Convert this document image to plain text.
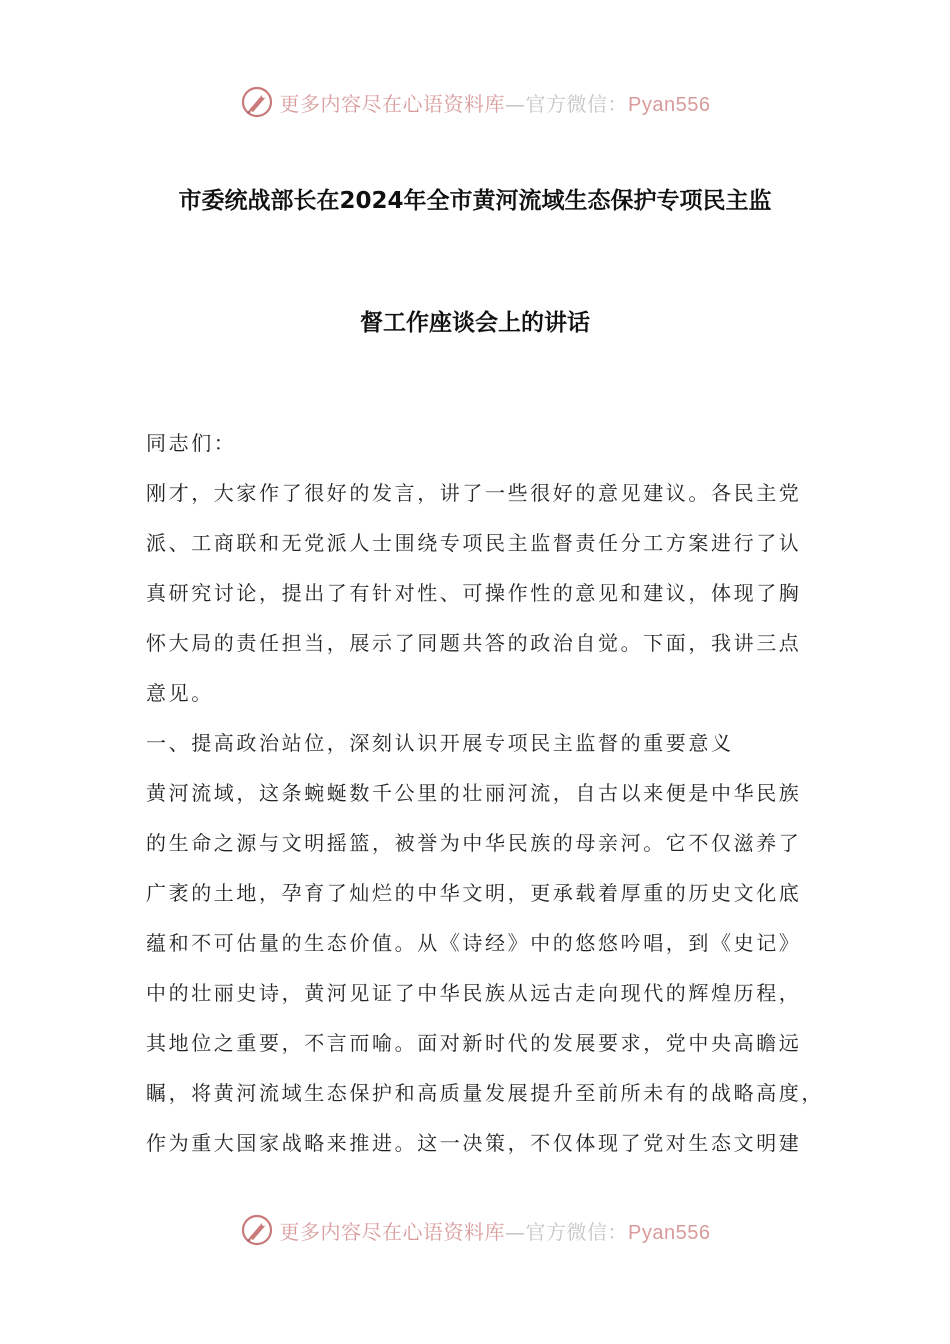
更多内容尽在心语资料库—官方微信：Pyan556
市委统战部长在2024年全市黄河流域生态保护专项民主监
督工作座谈会上的讲话
同志们：
刚才，大家作了很好的发言，讲了一些很好的意见建议。各民主党
派、工商联和无党派人士围绕专项民主监督责任分工方案进行了认
真研究讨论，提出了有针对性、可操作性的意见和建议，体现了胸
怀大局的责任担当，展示了同题共答的政治自觉。下面，我讲三点
意见。
一、提高政治站位，深刻认识开展专项民主监督的重要意义
黄河流域，这条蜿蜒数千公里的壮丽河流，自古以来便是中华民族
的生命之源与文明摇篮，被誉为中华民族的母亲河。它不仅滋养了
广袤的土地，孕育了灿烂的中华文明，更承载着厚重的历史文化底
蕴和不可估量的生态价值。从《诗经》中的悠悠吟唱，到《史记》
中的壮丽史诗，黄河见证了中华民族从远古走向现代的辉煌历程，
其地位之重要，不言而喻。面对新时代的发展要求，党中央高瞻远
瞩，将黄河流域生态保护和高质量发展提升至前所未有的战略高度，
作为重大国家战略来推进。这一决策，不仅体现了党对生态文明建
更多内容尽在心语资料库—官方微信：Pyan556
